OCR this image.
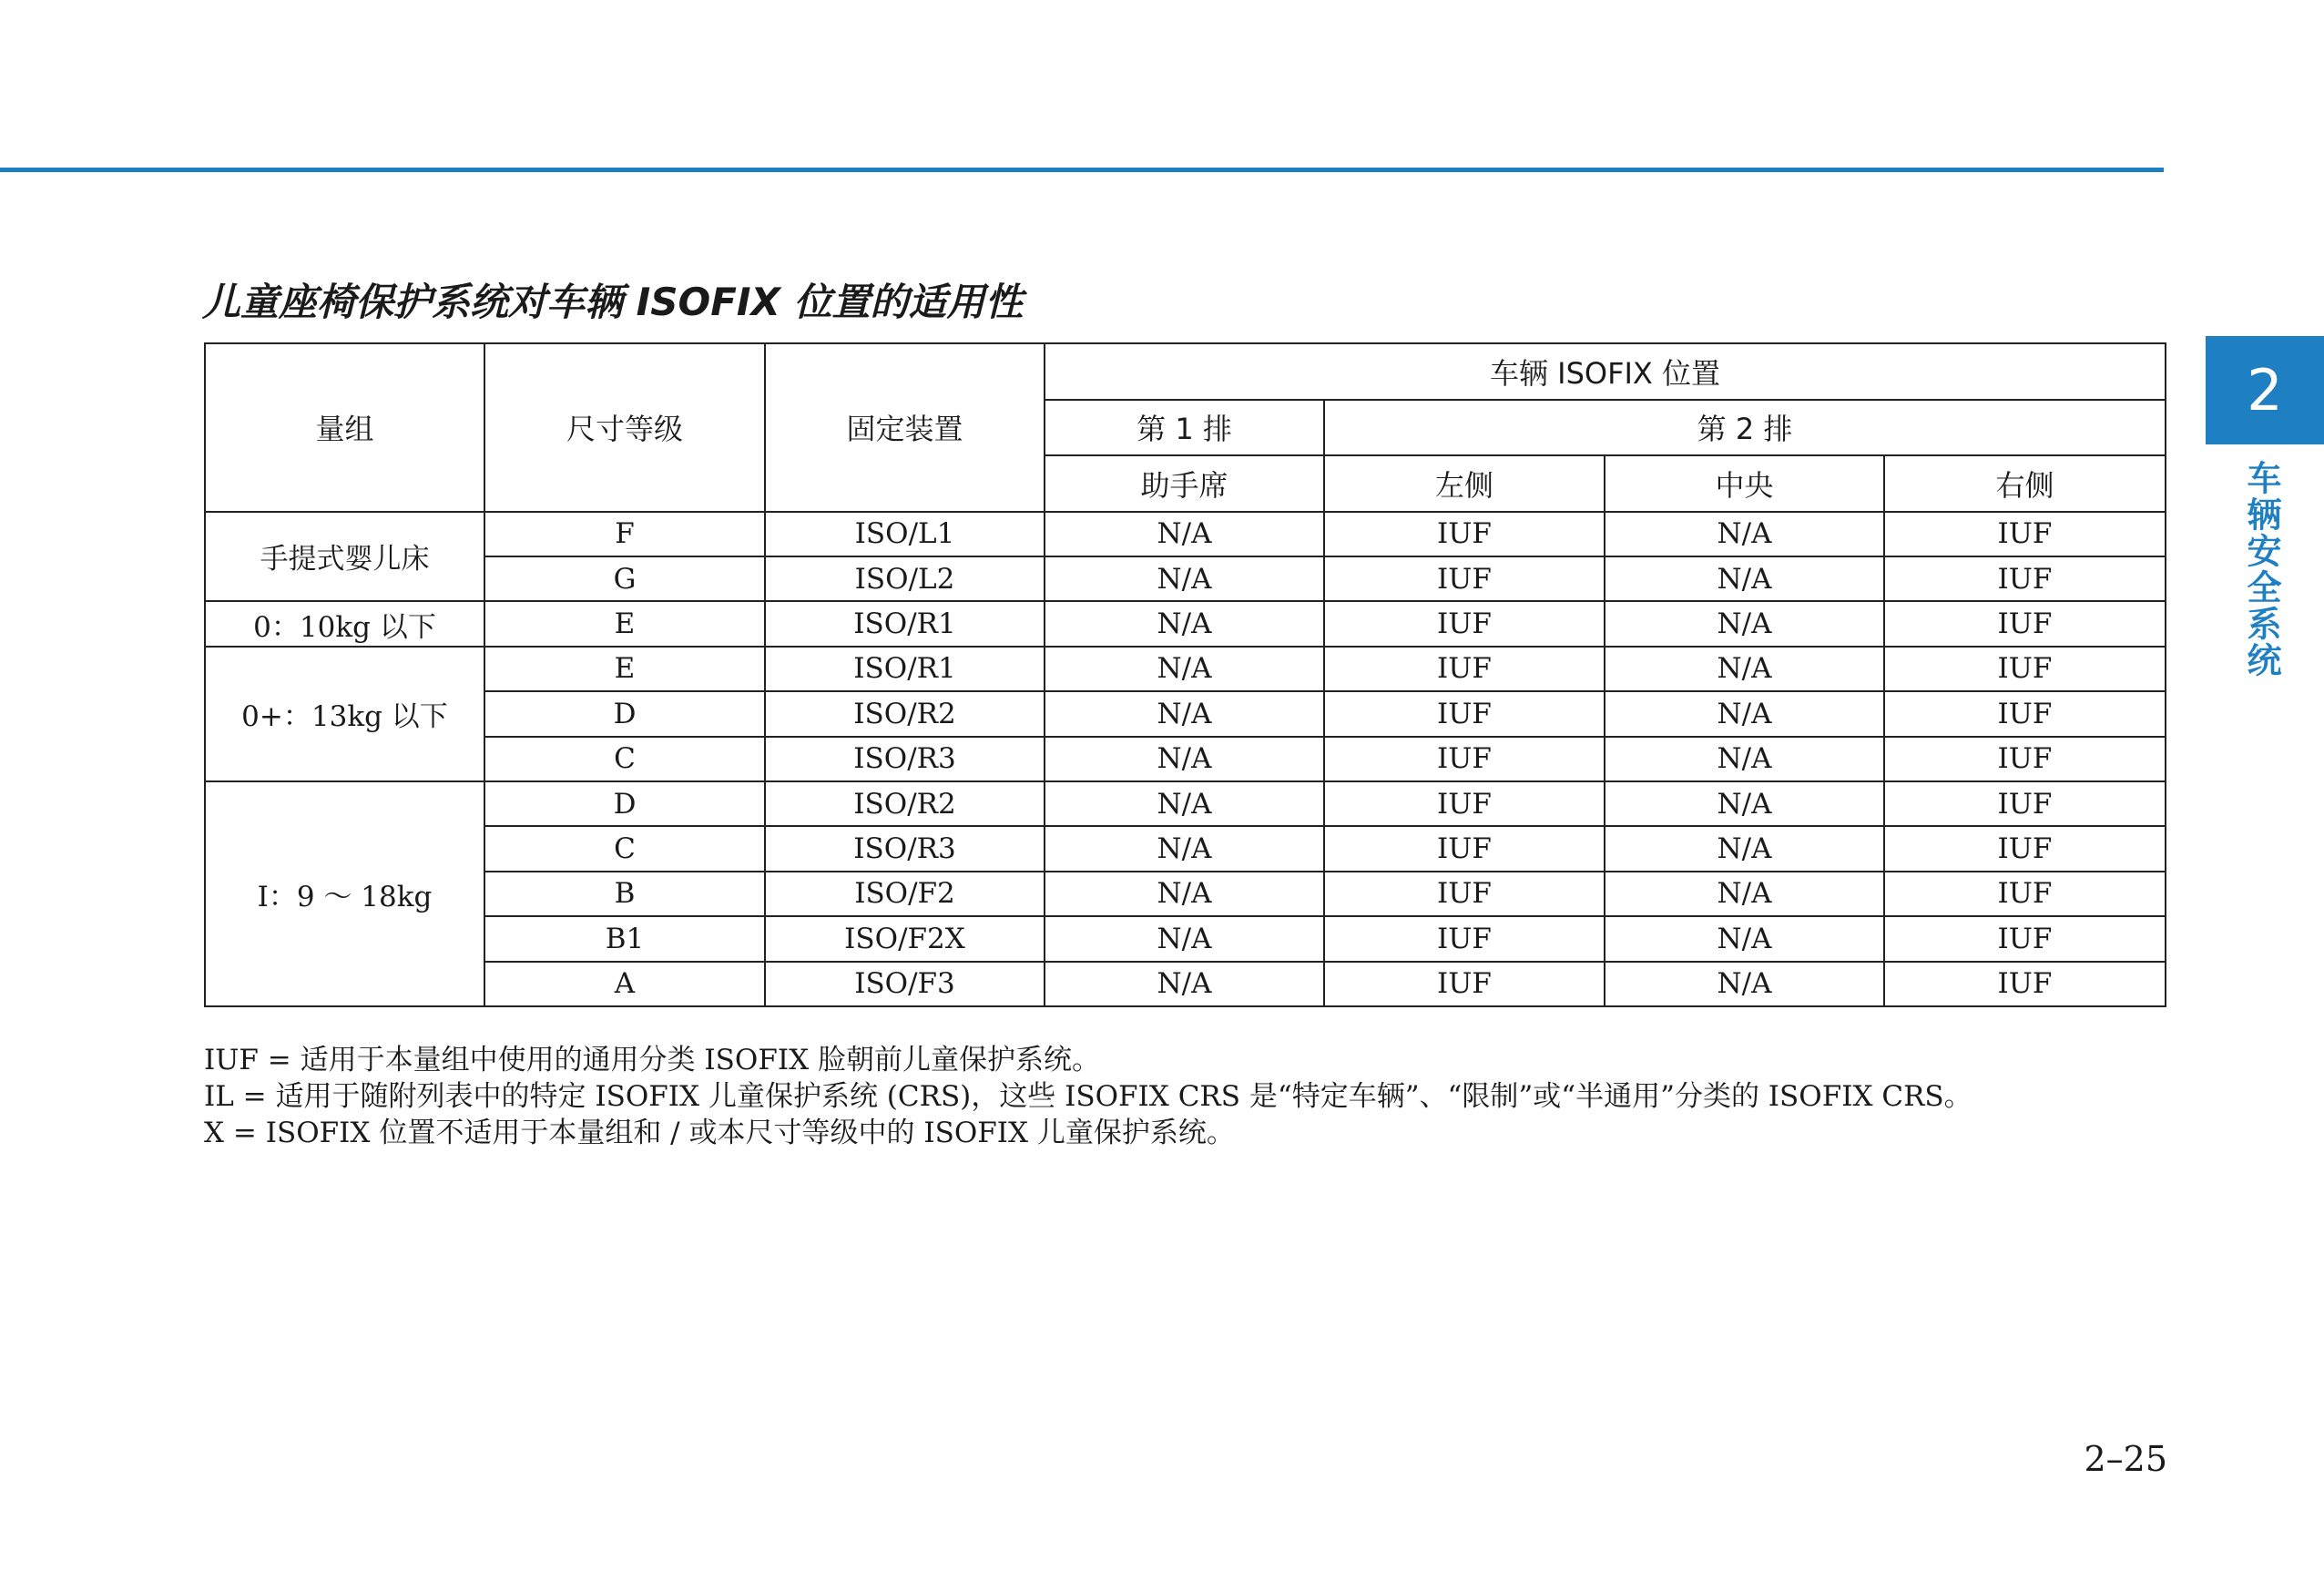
2
车辆安全系统
儿童座椅保护系统对车辆 ISOFIX 位置的适用性
量组	尺寸等级	固定装置	车辆 ISOFIX 位置			
			第 1 排	第 2 排		
			助手席	左侧	中央	右侧
手提式婴儿床	F	ISO/L1	N/A	IUF	N/A	IUF
	G	ISO/L2	N/A	IUF	N/A	IUF
0：10kg 以下	E	ISO/R1	N/A	IUF	N/A	IUF
0+：13kg 以下	E	ISO/R1	N/A	IUF	N/A	IUF
	D	ISO/R2	N/A	IUF	N/A	IUF
	C	ISO/R3	N/A	IUF	N/A	IUF
I：9 ～ 18kg	D	ISO/R2	N/A	IUF	N/A	IUF
	C	ISO/R3	N/A	IUF	N/A	IUF
	B	ISO/F2	N/A	IUF	N/A	IUF
	B1	ISO/F2X	N/A	IUF	N/A	IUF
	A	ISO/F3	N/A	IUF	N/A	IUF
IUF = 适用于本量组中使用的通用分类 ISOFIX 脸朝前儿童保护系统。
IL = 适用于随附列表中的特定 ISOFIX 儿童保护系统 (CRS)，这些 ISOFIX CRS 是“特定车辆”、“限制”或“半通用”分类的 ISOFIX CRS。
X = ISOFIX 位置不适用于本量组和 / 或本尺寸等级中的 ISOFIX 儿童保护系统。
2–25
